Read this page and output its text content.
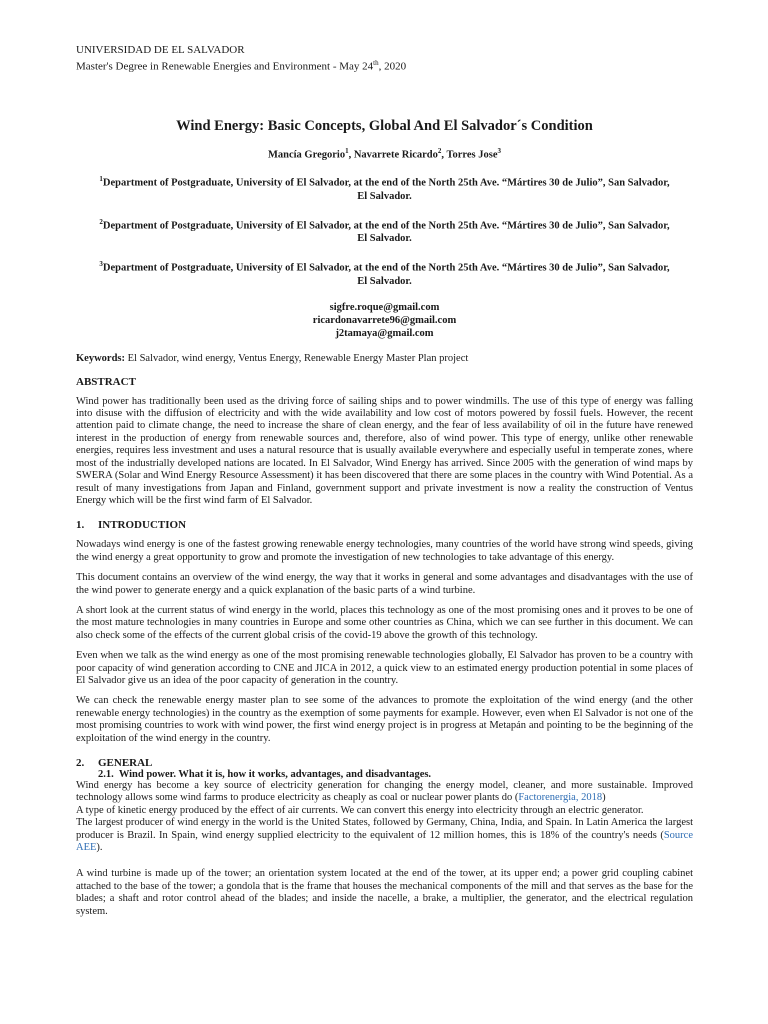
UNIVERSIDAD DE EL SALVADOR
Master's Degree in Renewable Energies and Environment - May 24th, 2020
Wind Energy: Basic Concepts, Global And El Salvador´s Condition
Mancía Gregorio$^1$, Navarrete Ricardo$^2$, Torres Jose$^3$
$^1$Department of Postgraduate, University of El Salvador, at the end of the North 25th Ave. “Mártires 30 de Julio”, San Salvador, El Salvador.
$^2$Department of Postgraduate, University of El Salvador, at the end of the North 25th Ave. “Mártires 30 de Julio”, San Salvador, El Salvador.
$^3$Department of Postgraduate, University of El Salvador, at the end of the North 25th Ave. “Mártires 30 de Julio”, San Salvador, El Salvador.
sigfre.roque@gmail.com
ricardonavarrete96@gmail.com
j2tamaya@gmail.com
Keywords: El Salvador, wind energy, Ventus Energy, Renewable Energy Master Plan project
ABSTRACT
Wind power has traditionally been used as the driving force of sailing ships and to power windmills. The use of this type of energy was falling into disuse with the diffusion of electricity and with the wide availability and low cost of motors powered by fossil fuels. However, the recent attention paid to climate change, the need to increase the share of clean energy, and the fear of less availability of oil in the future have renewed interest in the production of energy from renewable sources and, therefore, also of wind power. This type of energy, unlike other renewable energies, requires less investment and uses a natural resource that is usually available everywhere and especially useful in temperate zones, where most of the industrially developed nations are located. In El Salvador, Wind Energy has arrived. Since 2005 with the generation of wind maps by SWERA (Solar and Wind Energy Resource Assessment) it has been discovered that there are some places in the country with Wind Potential. As a result of many investigations from Japan and Finland, government support and private investment is now a reality the construction of Ventus Energy which will be the first wind farm of El Salvador.
1. INTRODUCTION
Nowadays wind energy is one of the fastest growing renewable energy technologies, many countries of the world have strong wind speeds, giving the wind energy a great opportunity to grow and promote the investigation of new technologies to take advantage of this energy.
This document contains an overview of the wind energy, the way that it works in general and some advantages and disadvantages with the use of the wind power to generate energy and a quick explanation of the basic parts of a wind turbine.
A short look at the current status of wind energy in the world, places this technology as one of the most promising ones and it proves to be one of the most mature technologies in many countries in Europe and some other countries as China, which we can see further in this document. We can also check some of the effects of the current global crisis of the covid-19 above the growth of this technology.
Even when we talk as the wind energy as one of the most promising renewable technologies globally, El Salvador has proven to be a country with poor capacity of wind generation according to CNE and JICA in 2012, a quick view to an estimated energy production potential in some places of El Salvador give us an idea of the poor capacity of generation in the country.
We can check the renewable energy master plan to see some of the advances to promote the exploitation of the wind energy (and the other renewable energy technologies) in the country as the exemption of some payments for example. However, even when El Salvador is not one of the most promising countries to work with wind power, the first wind energy project is in progress at Metapán and pointing to be the beginning of the exploitation of the wind energy in the country.
2. GENERAL
2.1. Wind power. What it is, how it works, advantages, and disadvantages.
Wind energy has become a key source of electricity generation for changing the energy model, cleaner, and more sustainable. Improved technology allows some wind farms to produce electricity as cheaply as coal or nuclear power plants do (Factorenergia, 2018)
A type of kinetic energy produced by the effect of air currents. We can convert this energy into electricity through an electric generator.
The largest producer of wind energy in the world is the United States, followed by Germany, China, India, and Spain. In Latin America the largest producer is Brazil. In Spain, wind energy supplied electricity to the equivalent of 12 million homes, this is 18% of the country's needs (Source AEE).
A wind turbine is made up of the tower; an orientation system located at the end of the tower, at its upper end; a power grid coupling cabinet attached to the base of the tower; a gondola that is the frame that houses the mechanical components of the mill and that serves as the base for the blades; a shaft and rotor control ahead of the blades; and inside the nacelle, a brake, a multiplier, the generator, and the electrical regulation system.
